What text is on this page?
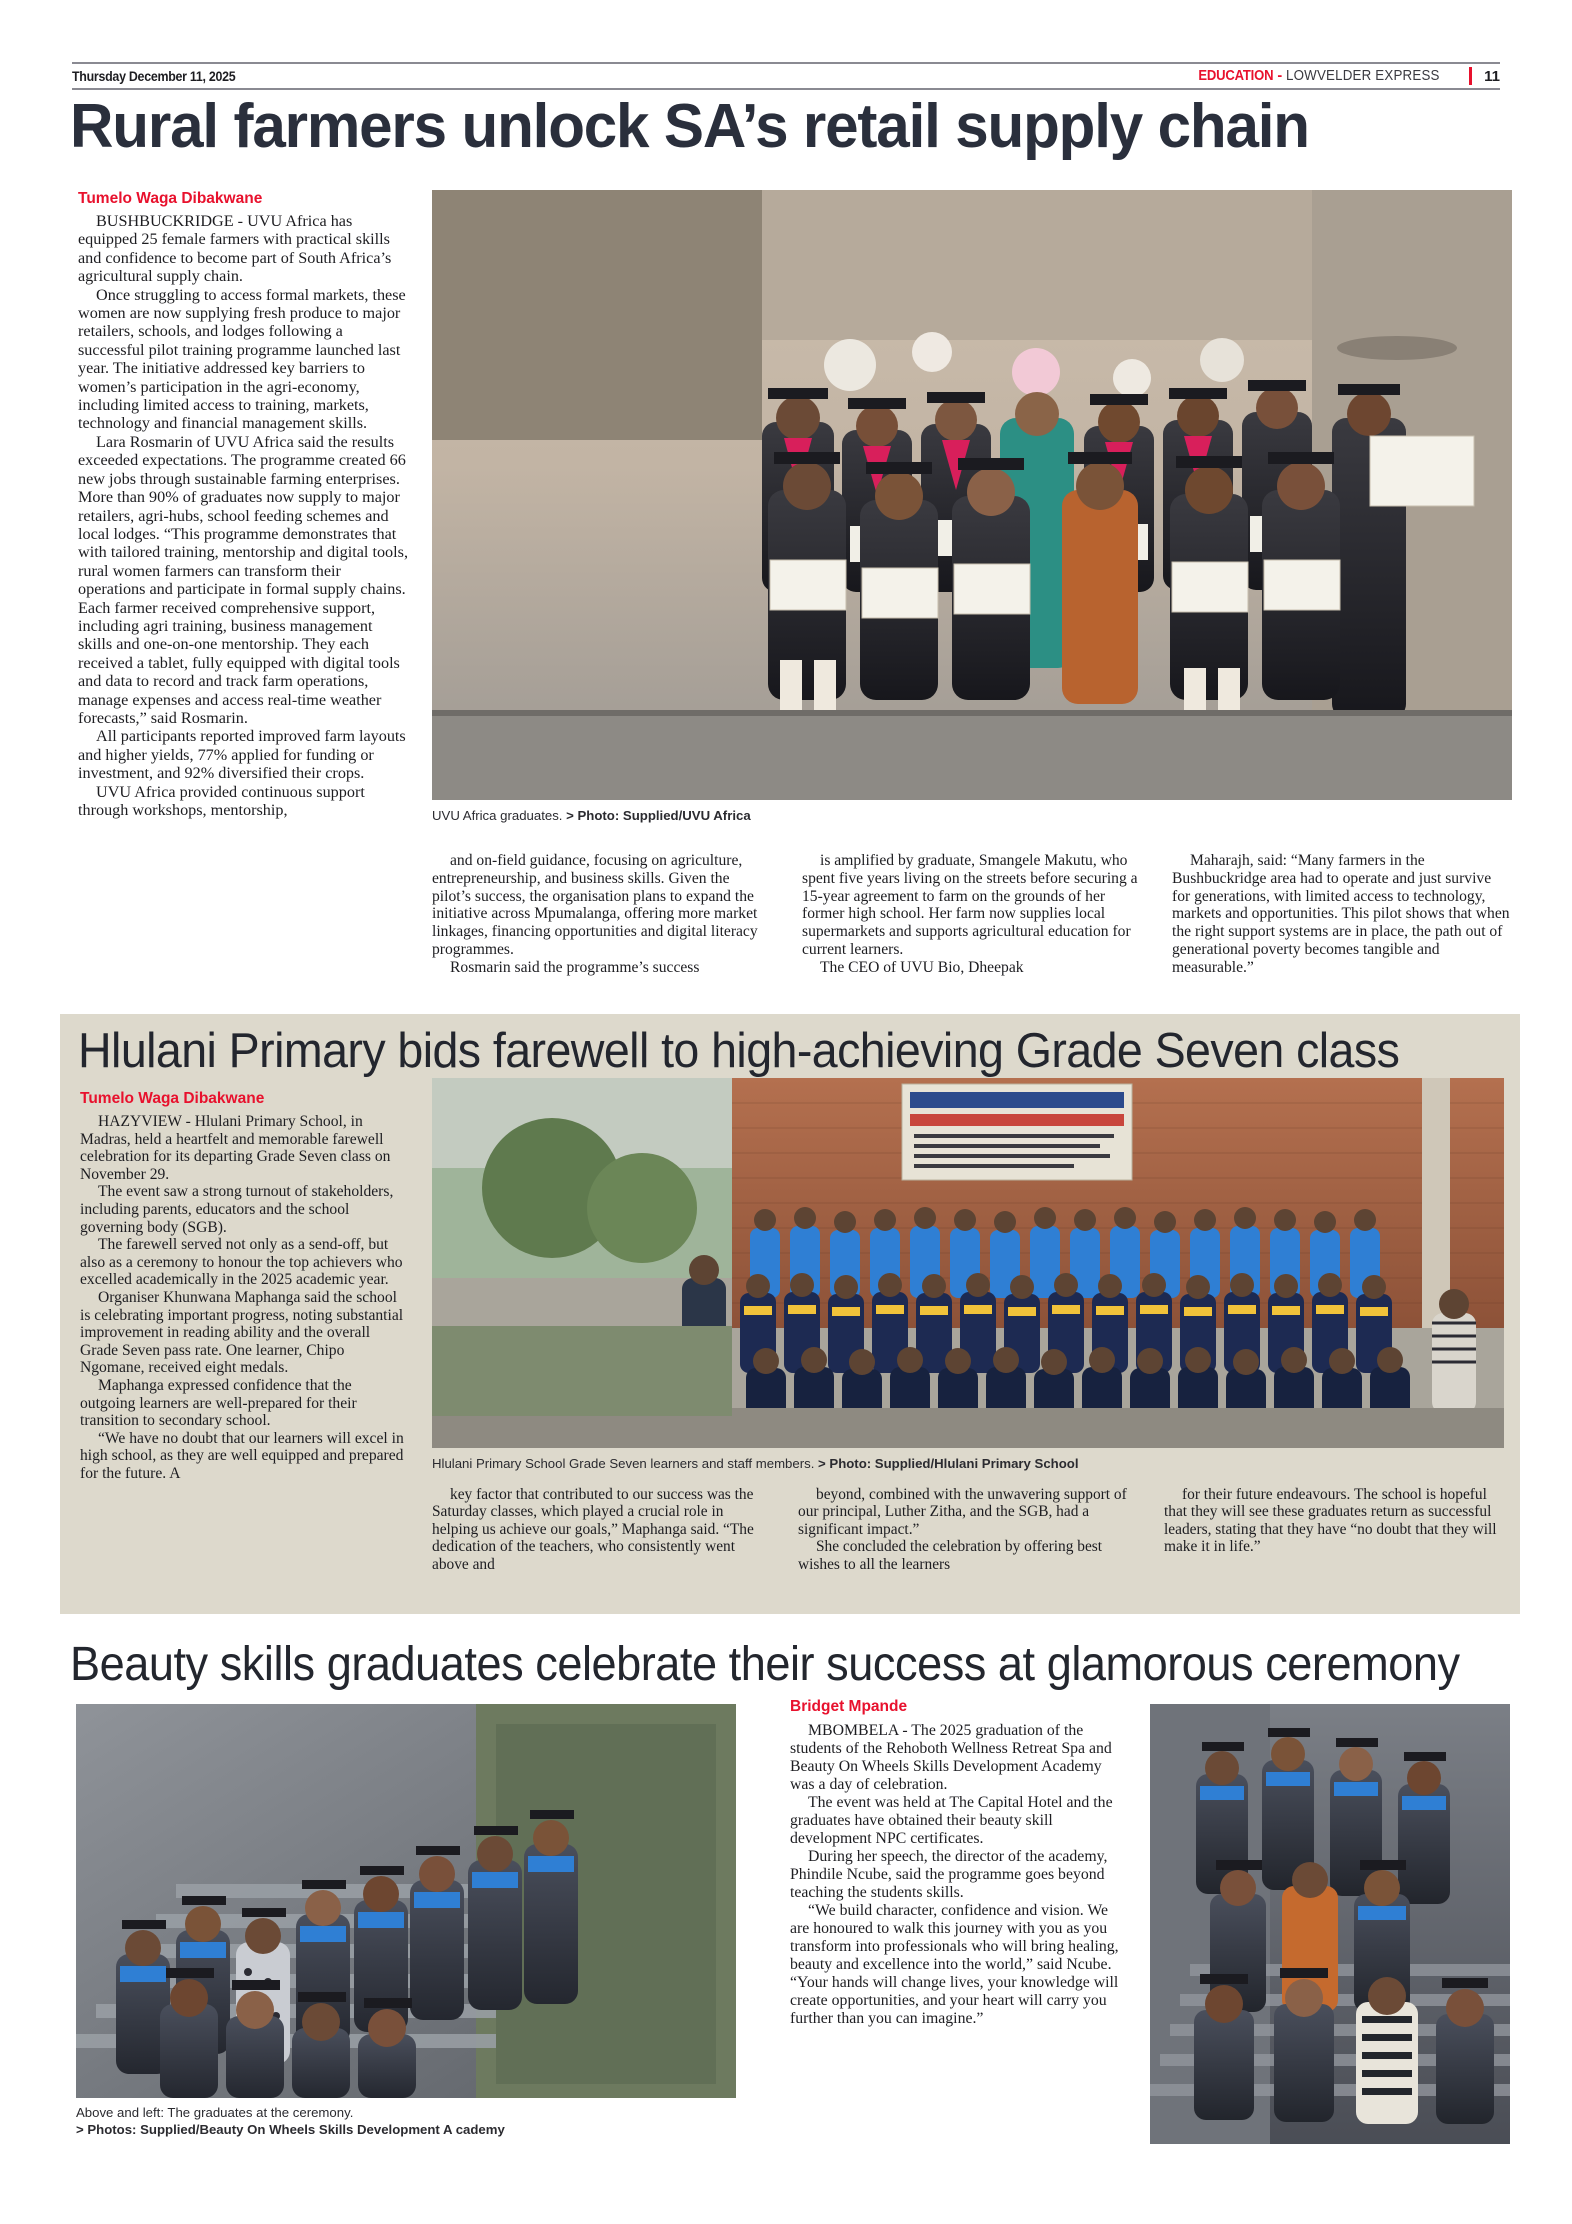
Thursday December 11, 2025	EDUCATION - LOWVELDER EXPRESS	11
Rural farmers unlock SA’s retail supply chain
Tumelo Waga Dibakwane

BUSHBUCKRIDGE - UVU Africa has equipped 25 female farmers with practical skills and confidence to become part of South Africa’s agricultural supply chain.

Once struggling to access formal markets, these women are now supplying fresh produce to major retailers, schools, and lodges following a successful pilot training programme launched last year. The initiative addressed key barriers to women’s participation in the agri-economy, including limited access to training, markets, technology and financial management skills.

Lara Rosmarin of UVU Africa said the results exceeded expectations. The programme created 66 new jobs through sustainable farming enterprises. More than 90% of graduates now supply to major retailers, agri-hubs, school feeding schemes and local lodges. “This programme demonstrates that with tailored training, mentorship and digital tools, rural women farmers can transform their operations and participate in formal supply chains. Each farmer received comprehensive support, including agri training, business management skills and one-on-one mentorship. They each received a tablet, fully equipped with digital tools and data to record and track farm operations, manage expenses and access real-time weather forecasts,” said Rosmarin.

All participants reported improved farm layouts and higher yields, 77% applied for funding or investment, and 92% diversified their crops.

UVU Africa provided continuous support through workshops, mentorship,	UVU Africa graduates. > Photo: Supplied/UVU Africa

and on-field guidance, focusing on agriculture, entrepreneurship, and business skills. Given the pilot’s success, the organisation plans to expand the initiative across Mpumalanga, offering more market linkages, financing opportunities and digital literacy programmes.

Rosmarin said the programme’s success

is amplified by graduate, Smangele Makutu, who spent five years living on the streets before securing a 15-year agreement to farm on the grounds of her former high school. Her farm now supplies local supermarkets and supports agricultural education for current learners.

The CEO of UVU Bio, Dheepak

Maharajh, said: “Many farmers in the Bushbuckridge area had to operate and just survive for generations, with limited access to technology, markets and opportunities. This pilot shows that when the right support systems are in place, the path out of generational poverty becomes tangible and measurable.”

Hlulani Primary bids farewell to high-achieving Grade Seven class
Tumelo Waga Dibakwane

HAZYVIEW - Hlulani Primary School, in Madras, held a heartfelt and memorable farewell celebration for its departing Grade Seven class on November 29.

The event saw a strong turnout of stakeholders, including parents, educators and the school governing body (SGB).

The farewell served not only as a send-off, but also as a ceremony to honour the top achievers who excelled academically in the 2025 academic year.

Organiser Khunwana Maphanga said the school is celebrating important progress, noting substantial improvement in reading ability and the overall Grade Seven pass rate. One learner, Chipo Ngomane, received eight medals.

Maphanga expressed confidence that the outgoing learners are well-prepared for their transition to secondary school.

“We have no doubt that our learners will excel in high school, as they are well equipped and prepared for the future. A

Hlulani Primary School Grade Seven learners and staff members. > Photo: Supplied/Hlulani Primary School

key factor that contributed to our success was the Saturday classes, which played a crucial role in helping us achieve our goals,” Maphanga said. “The dedication of the teachers, who consistently went above and

beyond, combined with the unwavering support of our principal, Luther Zitha, and the SGB, had a significant impact.”

She concluded the celebration by offering best wishes to all the learners

for their future endeavours. The school is hopeful that they will see these graduates return as successful leaders, stating that they have “no doubt that they will make it in life.”

Beauty skills graduates celebrate their success at glamorous ceremony
Bridget Mpande

MBOMBELA - The 2025 graduation of the students of the Rehoboth Wellness Retreat Spa and Beauty On Wheels Skills Development Academy was a day of celebration.

The event was held at The Capital Hotel and the graduates have obtained their beauty skill development NPC certificates.

During her speech, the director of the academy, Phindile Ncube, said the programme goes beyond teaching the students skills.

“We build character, confidence and vision. We are honoured to walk this journey with you as you transform into professionals who will bring healing, beauty and excellence into the world,” said Ncube. “Your hands will change lives, your knowledge will create opportunities, and your heart will carry you further than you can imagine.”

Above and left: The graduates at the ceremony.
> Photos: Supplied/Beauty On Wheels Skills Development A cademy
